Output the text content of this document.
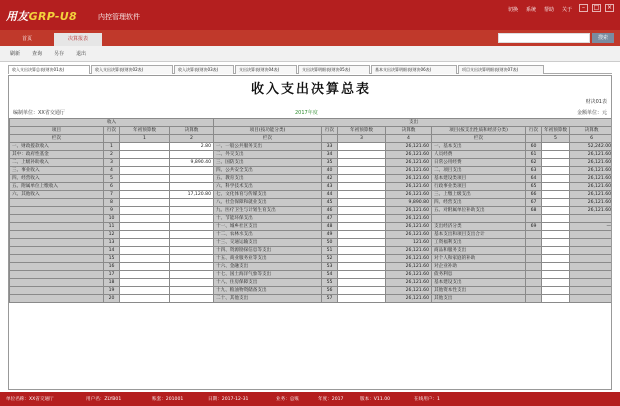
用友GRP-U8	内控管理软件
切换 系统 帮助 关于	–	□	×
首页	决算报表	搜索
刷新 查询 另存 退出
收入支出决算总表(财决01表)	收入支出决算表(财决02表)	收入决算表(财决03表)	支出决算表(财决04表)	支出决算明细表(财决05表)	基本支出决算明细表(财决06表)	项目支出决算明细表(财决07表)
收入支出决算总表
编制单位：XX省交通厅	2017年度
财决01表
金额单位：元
收入				支出							
项目	行次	年初预算数	决算数	项目(按功能分类)	行次	年初预算数	决算数	项目(按支出性质和经济分类)	行次	年初预算数	决算数
栏次		1	2	栏次		3	4	栏次		5	6
一、财政拨款收入	1		2.80	一、一般公共服务支出	33		26,121.60	一、基本支出	60		52,242.00
其中：政府性基金	2			二、外交支出	34		26,121.60	人员经费	61		26,121.60
二、上级补助收入	3		9,890.40	三、国防支出	35		26,121.60	日常公用经费	62		26,121.60
三、事业收入	4			四、公共安全支出	40		26,121.60	二、项目支出	63		26,121.60
四、经营收入	5			五、教育支出	42		26,121.60	基本建设类项目	64		26,121.60
五、附属单位上缴收入	6			六、科学技术支出	43		26,121.60	行政事业类项目	65		26,121.60
六、其他收入	7		17,120.80	七、文化体育与传媒支出	44		26,121.60	三、上缴上级支出	66		26,121.60
	8			八、社会保障和就业支出	45		9,890.80	四、经营支出	67		26,121.60
	9			九、医疗卫生与计划生育支出	46		26,121.60	五、对附属单位补助支出	68		26,121.60
	10			十、节能环保支出	47		26,121.60				
	11			十一、城乡社区支出	48		26,121.60	支出经济分类	69		—
	12			十二、农林水支出	49		26,121.60	基本支出和项目支出合计			
	13			十三、交通运输支出	50		121.60	工资福利支出			
	14			十四、资源勘探信息等支出	51		26,121.60	商品和服务支出			
	15			十五、商业服务业等支出	52		26,121.60	对个人和家庭的补助			
	16			十六、金融支出	53		26,121.60	对企业补助			
	17			十七、国土海洋气象等支出	54		26,121.60	债务利息			
	18			十八、住房保障支出	55		26,121.60	基本建设支出			
	19			十九、粮油物资储备支出	56		26,121.60	其他资本性支出			
	20			二十、其他支出	57		26,121.60	其他支出			
单位名称：XX省交通厅	用户名：ZLYB01	账套：201001	日期：2017-12-31	业务：总账	年度：2017	版本：V11.00	在线用户：1
